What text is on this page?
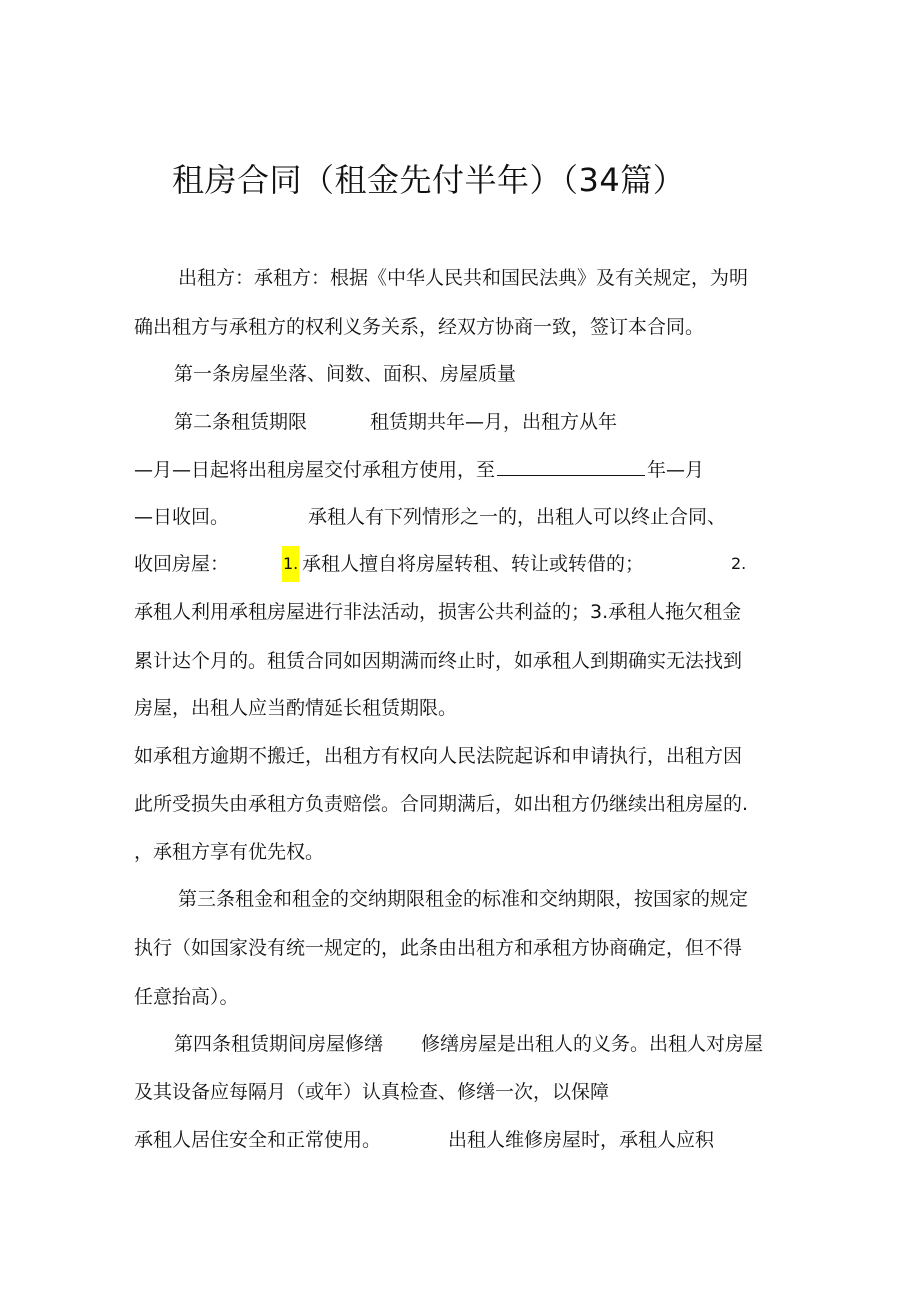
租房合同（租金先付半年）（34篇）
出租方：承租方：根据《中华人民共和国民法典》及有关规定，为明
确出租方与承租方的权利义务关系，经双方协商一致，签订本合同。
第一条房屋坐落、间数、面积、房屋质量
第二条租赁期限	租赁期共年—月，出租方从年
—月—日起将出租房屋交付承租方使用，至	年—月
—日收回。	承租人有下列情形之一的，出租人可以终止合同、
收回房屋：	1. 承租人擅自将房屋转租、转让或转借的；	2.
承租人利用承租房屋进行非法活动，损害公共利益的；3.承租人拖欠租金
累计达个月的。租赁合同如因期满而终止时，如承租人到期确实无法找到
房屋，出租人应当酌情延长租赁期限。
如承租方逾期不搬迁，出租方有权向人民法院起诉和申请执行，出租方因
此所受损失由承租方负责赔偿。合同期满后，如出租方仍继续出租房屋的.
，承租方享有优先权。
第三条租金和租金的交纳期限租金的标准和交纳期限，按国家的规定
执行（如国家没有统一规定的，此条由出租方和承租方协商确定，但不得
任意抬高）。
第四条租赁期间房屋修缮 修缮房屋是出租人的义务。出租人对房屋
及其设备应每隔月（或年）认真检查、修缮一次，以保障
承租人居住安全和正常使用。	出租人维修房屋时，承租人应积
